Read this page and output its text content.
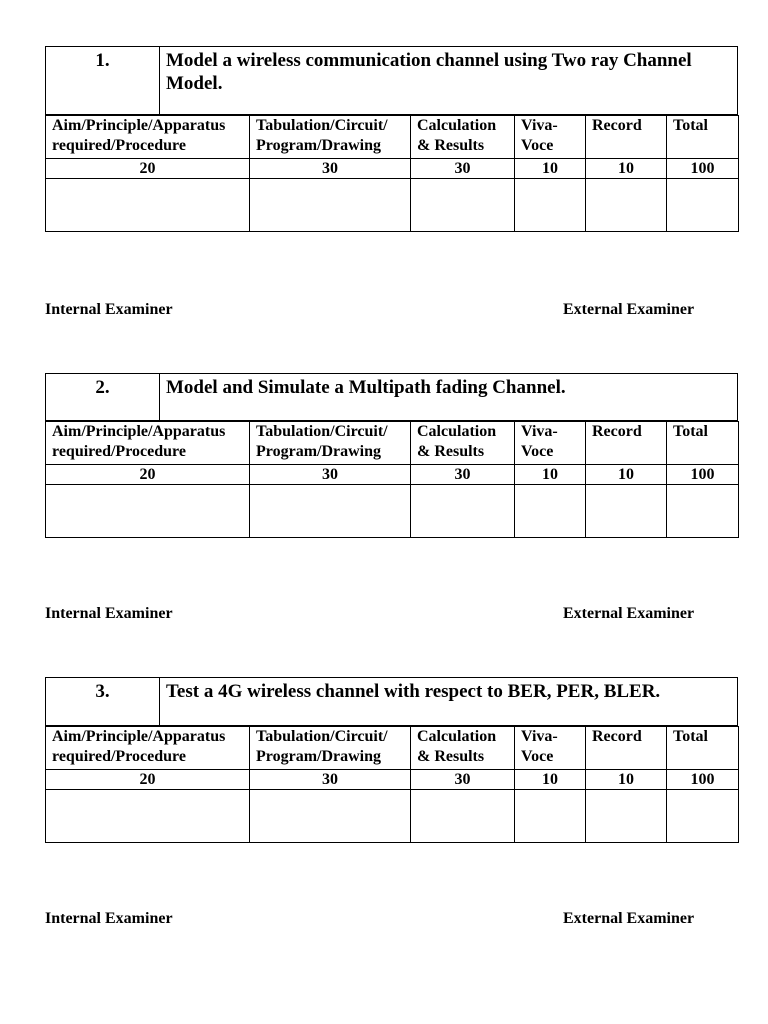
1.	Model a wireless communication channel using Two ray Channel Model.
Aim/Principle/Apparatus required/Procedure	Tabulation/Circuit/ Program/Drawing	Calculation & Results	Viva- Voce	Record	Total
20	30	30	10	10	100

Internal Examiner	External Examiner
2.	Model and Simulate a Multipath fading Channel.
Aim/Principle/Apparatus required/Procedure	Tabulation/Circuit/ Program/Drawing	Calculation & Results	Viva- Voce	Record	Total
20	30	30	10	10	100

Internal Examiner	External Examiner
3.	Test a 4G wireless channel with respect to BER, PER, BLER.
Aim/Principle/Apparatus required/Procedure	Tabulation/Circuit/ Program/Drawing	Calculation & Results	Viva- Voce	Record	Total
20	30	30	10	10	100

Internal Examiner	External Examiner
